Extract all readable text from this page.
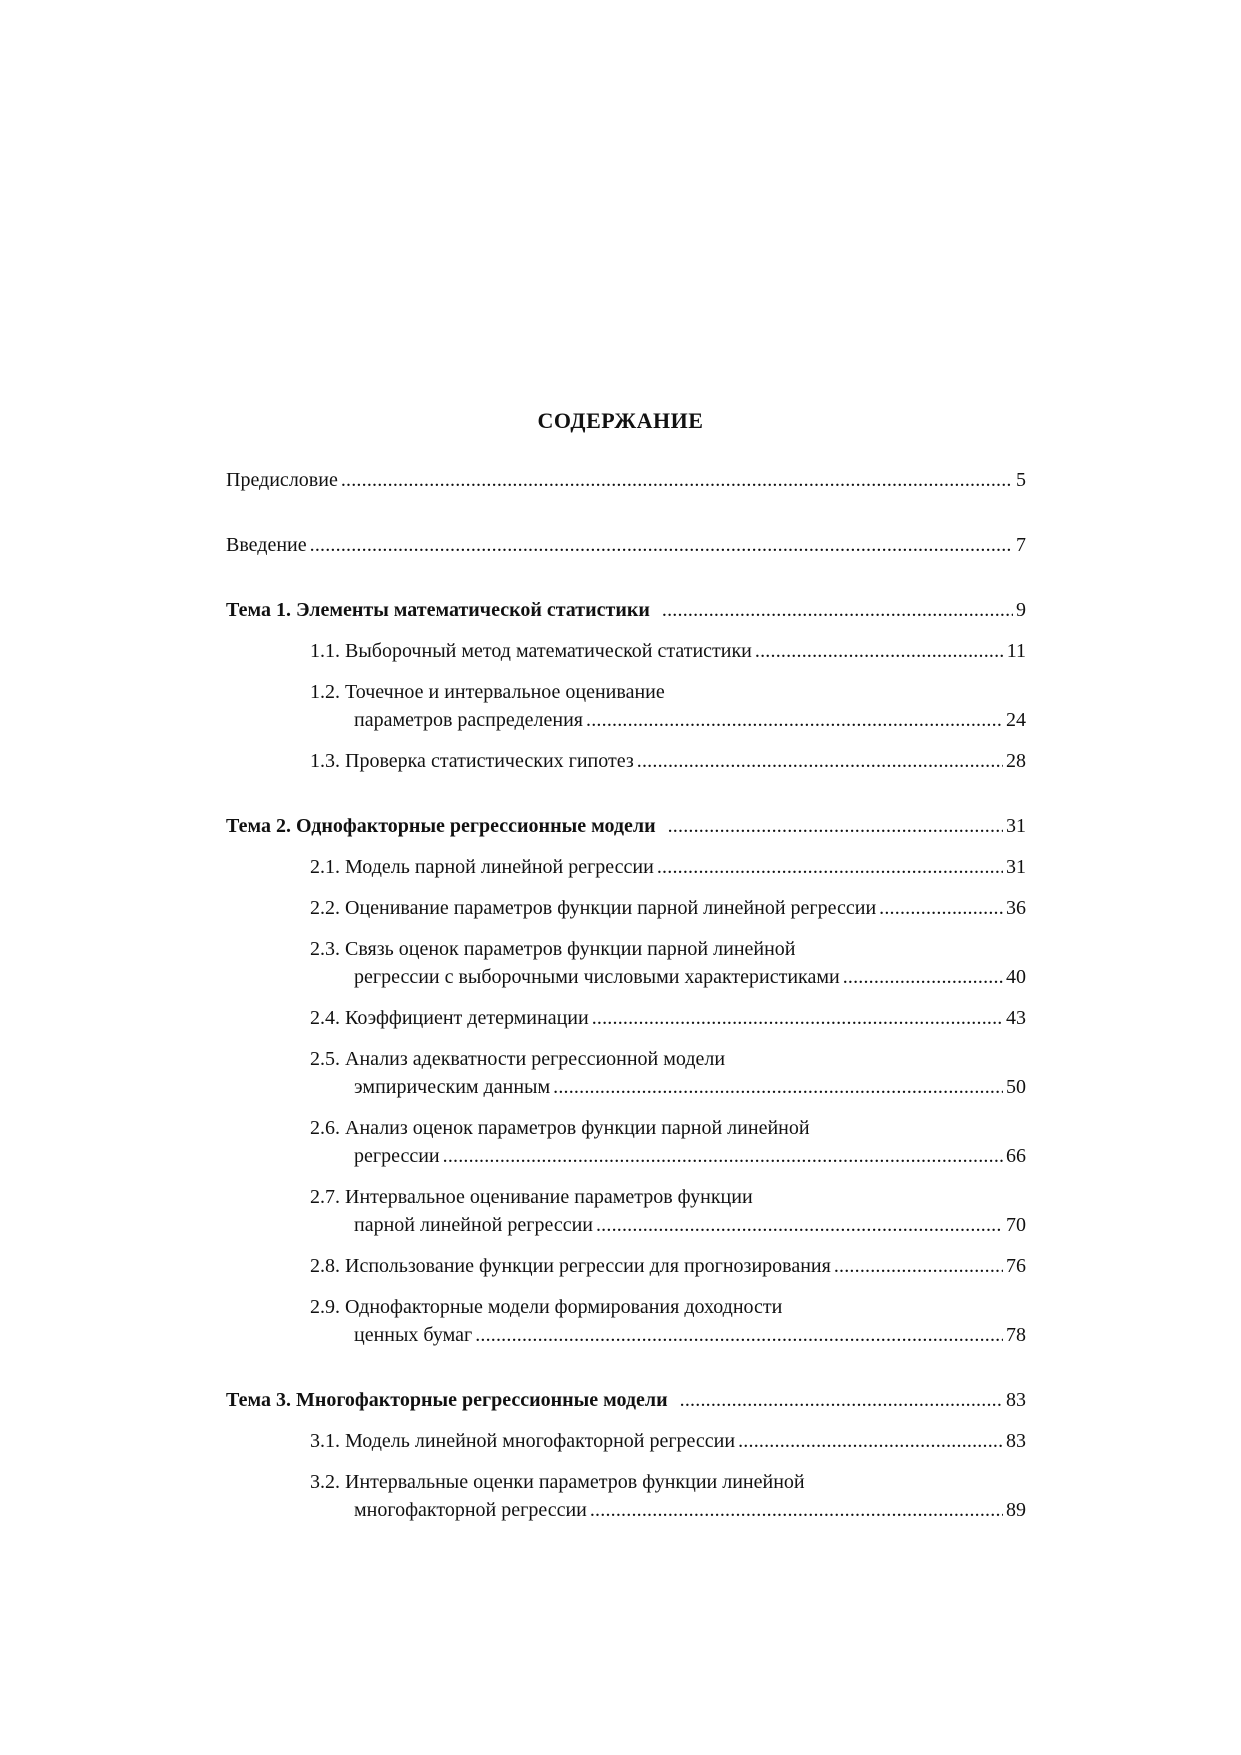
СОДЕРЖАНИЕ
Предисловие .....	5
Введение .....	7
Тема 1. Элементы математической статистики .....	9
1.1. Выборочный метод математической статистики .....	11
1.2. Точечное и интервальное оценивание
параметров распределения .....	24
1.3. Проверка статистических гипотез .....	28
Тема 2. Однофакторные регрессионные модели .....	31
2.1. Модель парной линейной регрессии .....	31
2.2. Оценивание параметров функции парной линейной регрессии .....	36
2.3. Связь оценок параметров функции парной линейной
регрессии с выборочными числовыми характеристиками .....	40
2.4. Коэффициент детерминации .....	43
2.5. Анализ адекватности регрессионной модели
эмпирическим данным .....	50
2.6. Анализ оценок параметров функции парной линейной
регрессии .....	66
2.7. Интервальное оценивание параметров функции
парной линейной регрессии .....	70
2.8. Использование функции регрессии для прогнозирования .....	76
2.9. Однофакторные модели формирования доходности
ценных бумаг .....	78
Тема 3. Многофакторные регрессионные модели .....	83
3.1. Модель линейной многофакторной регрессии .....	83
3.2. Интервальные оценки параметров функции линейной
многофакторной регрессии .....	89
